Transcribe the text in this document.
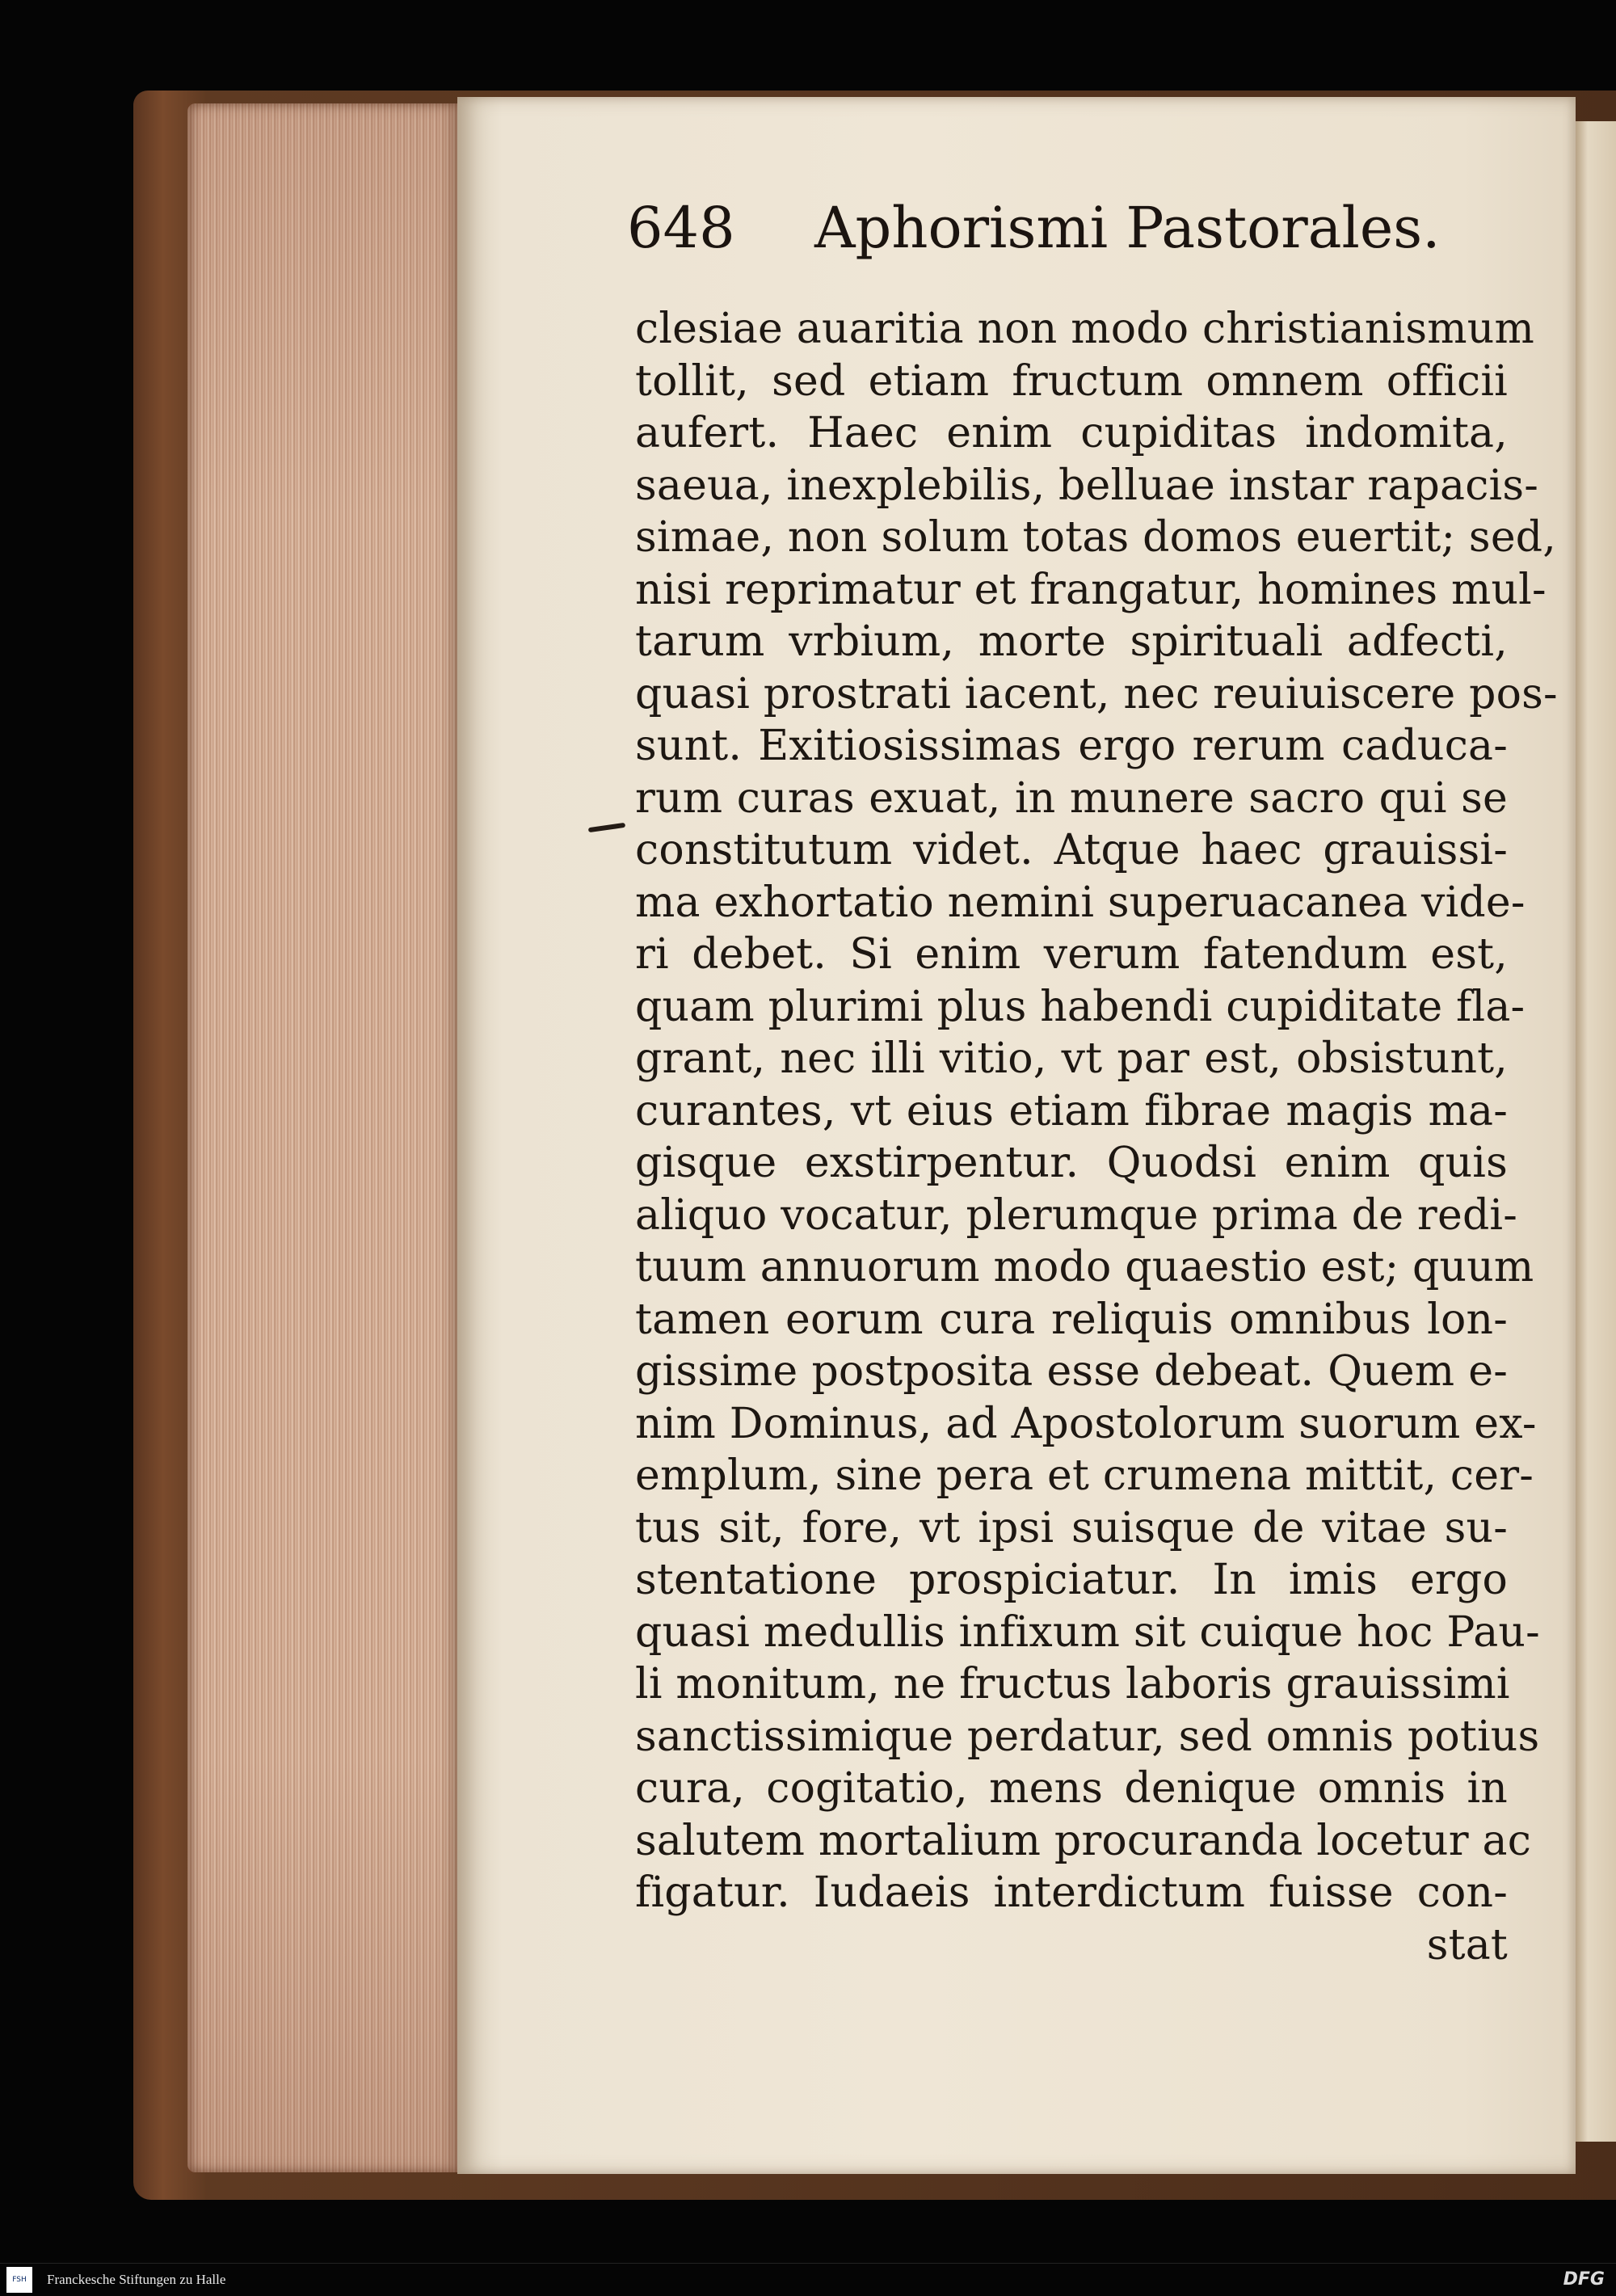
648 Aphorismi Pastorales.
clesiae auaritia non modo christianismum
tollit, sed etiam fructum omnem officii
aufert. Haec enim cupiditas indomita,
saeua, inexplebilis, belluae instar rapacis-
simae, non solum totas domos euertit; sed,
nisi reprimatur et frangatur, homines mul-
tarum vrbium, morte spirituali adfecti,
quasi prostrati iacent, nec reuiuiscere pos-
sunt. Exitiosissimas ergo rerum caduca-
rum curas exuat, in munere sacro qui se
constitutum videt. Atque haec grauissi-
ma exhortatio nemini superuacanea vide-
ri debet. Si enim verum fatendum est,
quam plurimi plus habendi cupiditate fla-
grant, nec illi vitio, vt par est, obsistunt,
curantes, vt eius etiam fibrae magis ma-
gisque exstirpentur. Quodsi enim quis
aliquo vocatur, plerumque prima de redi-
tuum annuorum modo quaestio est; quum
tamen eorum cura reliquis omnibus lon-
gissime postposita esse debeat. Quem e-
nim Dominus, ad Apostolorum suorum ex-
emplum, sine pera et crumena mittit, cer-
tus sit, fore, vt ipsi suisque de vitae su-
stentatione prospiciatur. In imis ergo
quasi medullis infixum sit cuique hoc Pau-
li monitum, ne fructus laboris grauissimi
sanctissimique perdatur, sed omnis potius
cura, cogitatio, mens denique omnis in
salutem mortalium procuranda locetur ac
figatur. Iudaeis interdictum fuisse con-
stat
FSH	Franckesche Stiftungen zu Halle	DFG
